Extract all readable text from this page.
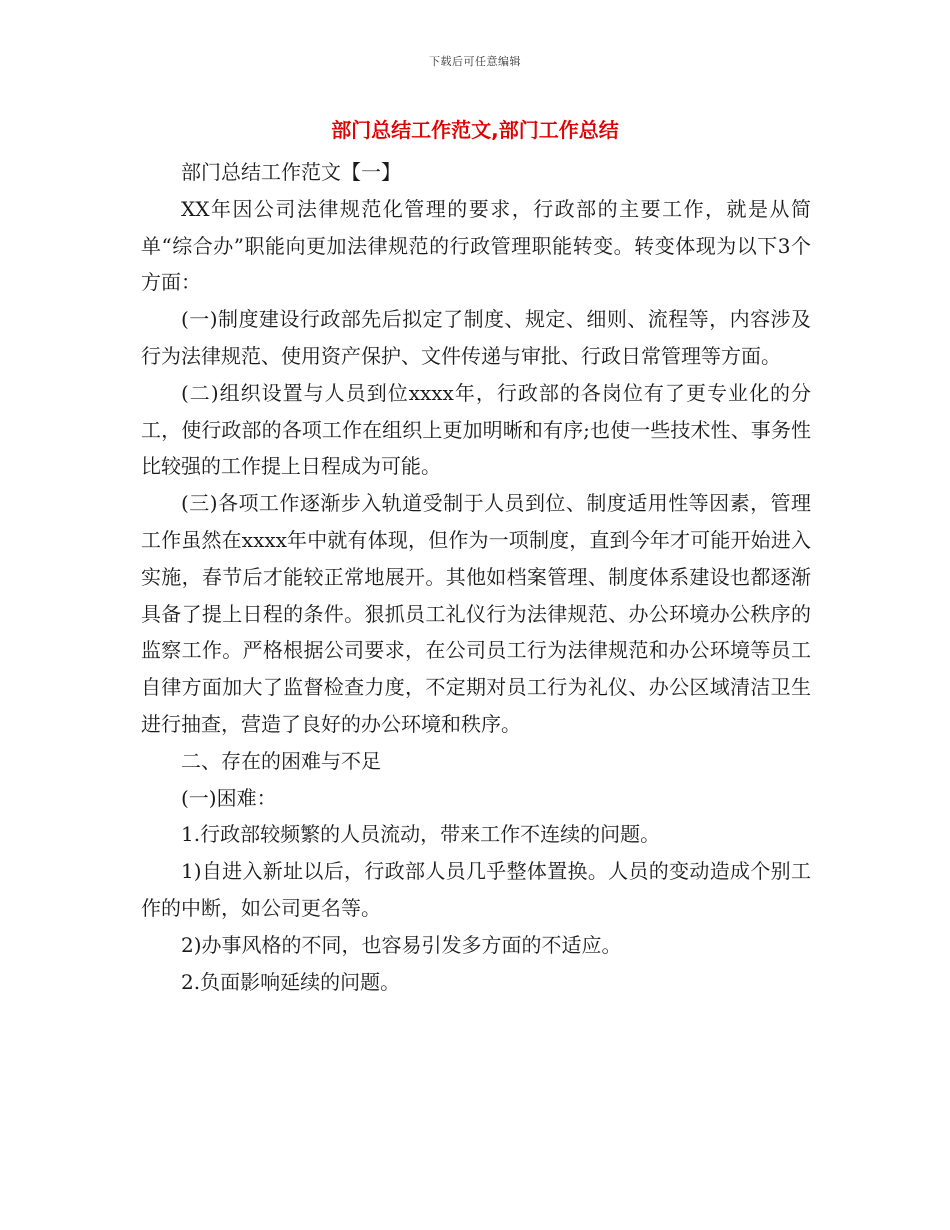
下载后可任意编辑
部门总结工作范文,部门工作总结

部门总结工作范文【一】

XX年因公司法律规范化管理的要求，行政部的主要工作，就是从简单“综合办”职能向更加法律规范的行政管理职能转变。转变体现为以下3个方面：

(一)制度建设行政部先后拟定了制度、规定、细则、流程等，内容涉及行为法律规范、使用资产保护、文件传递与审批、行政日常管理等方面。

(二)组织设置与人员到位xxxx年，行政部的各岗位有了更专业化的分工，使行政部的各项工作在组织上更加明晰和有序;也使一些技术性、事务性比较强的工作提上日程成为可能。

(三)各项工作逐渐步入轨道受制于人员到位、制度适用性等因素，管理工作虽然在xxxx年中就有体现，但作为一项制度，直到今年才可能开始进入实施，春节后才能较正常地展开。其他如档案管理、制度体系建设也都逐渐具备了提上日程的条件。狠抓员工礼仪行为法律规范、办公环境办公秩序的监察工作。严格根据公司要求，在公司员工行为法律规范和办公环境等员工自律方面加大了监督检查力度，不定期对员工行为礼仪、办公区域清洁卫生进行抽查，营造了良好的办公环境和秩序。

二、存在的困难与不足

(一)困难：

1.行政部较频繁的人员流动，带来工作不连续的问题。

1)自进入新址以后，行政部人员几乎整体置换。人员的变动造成个别工作的中断，如公司更名等。

2)办事风格的不同，也容易引发多方面的不适应。

2.负面影响延续的问题。
